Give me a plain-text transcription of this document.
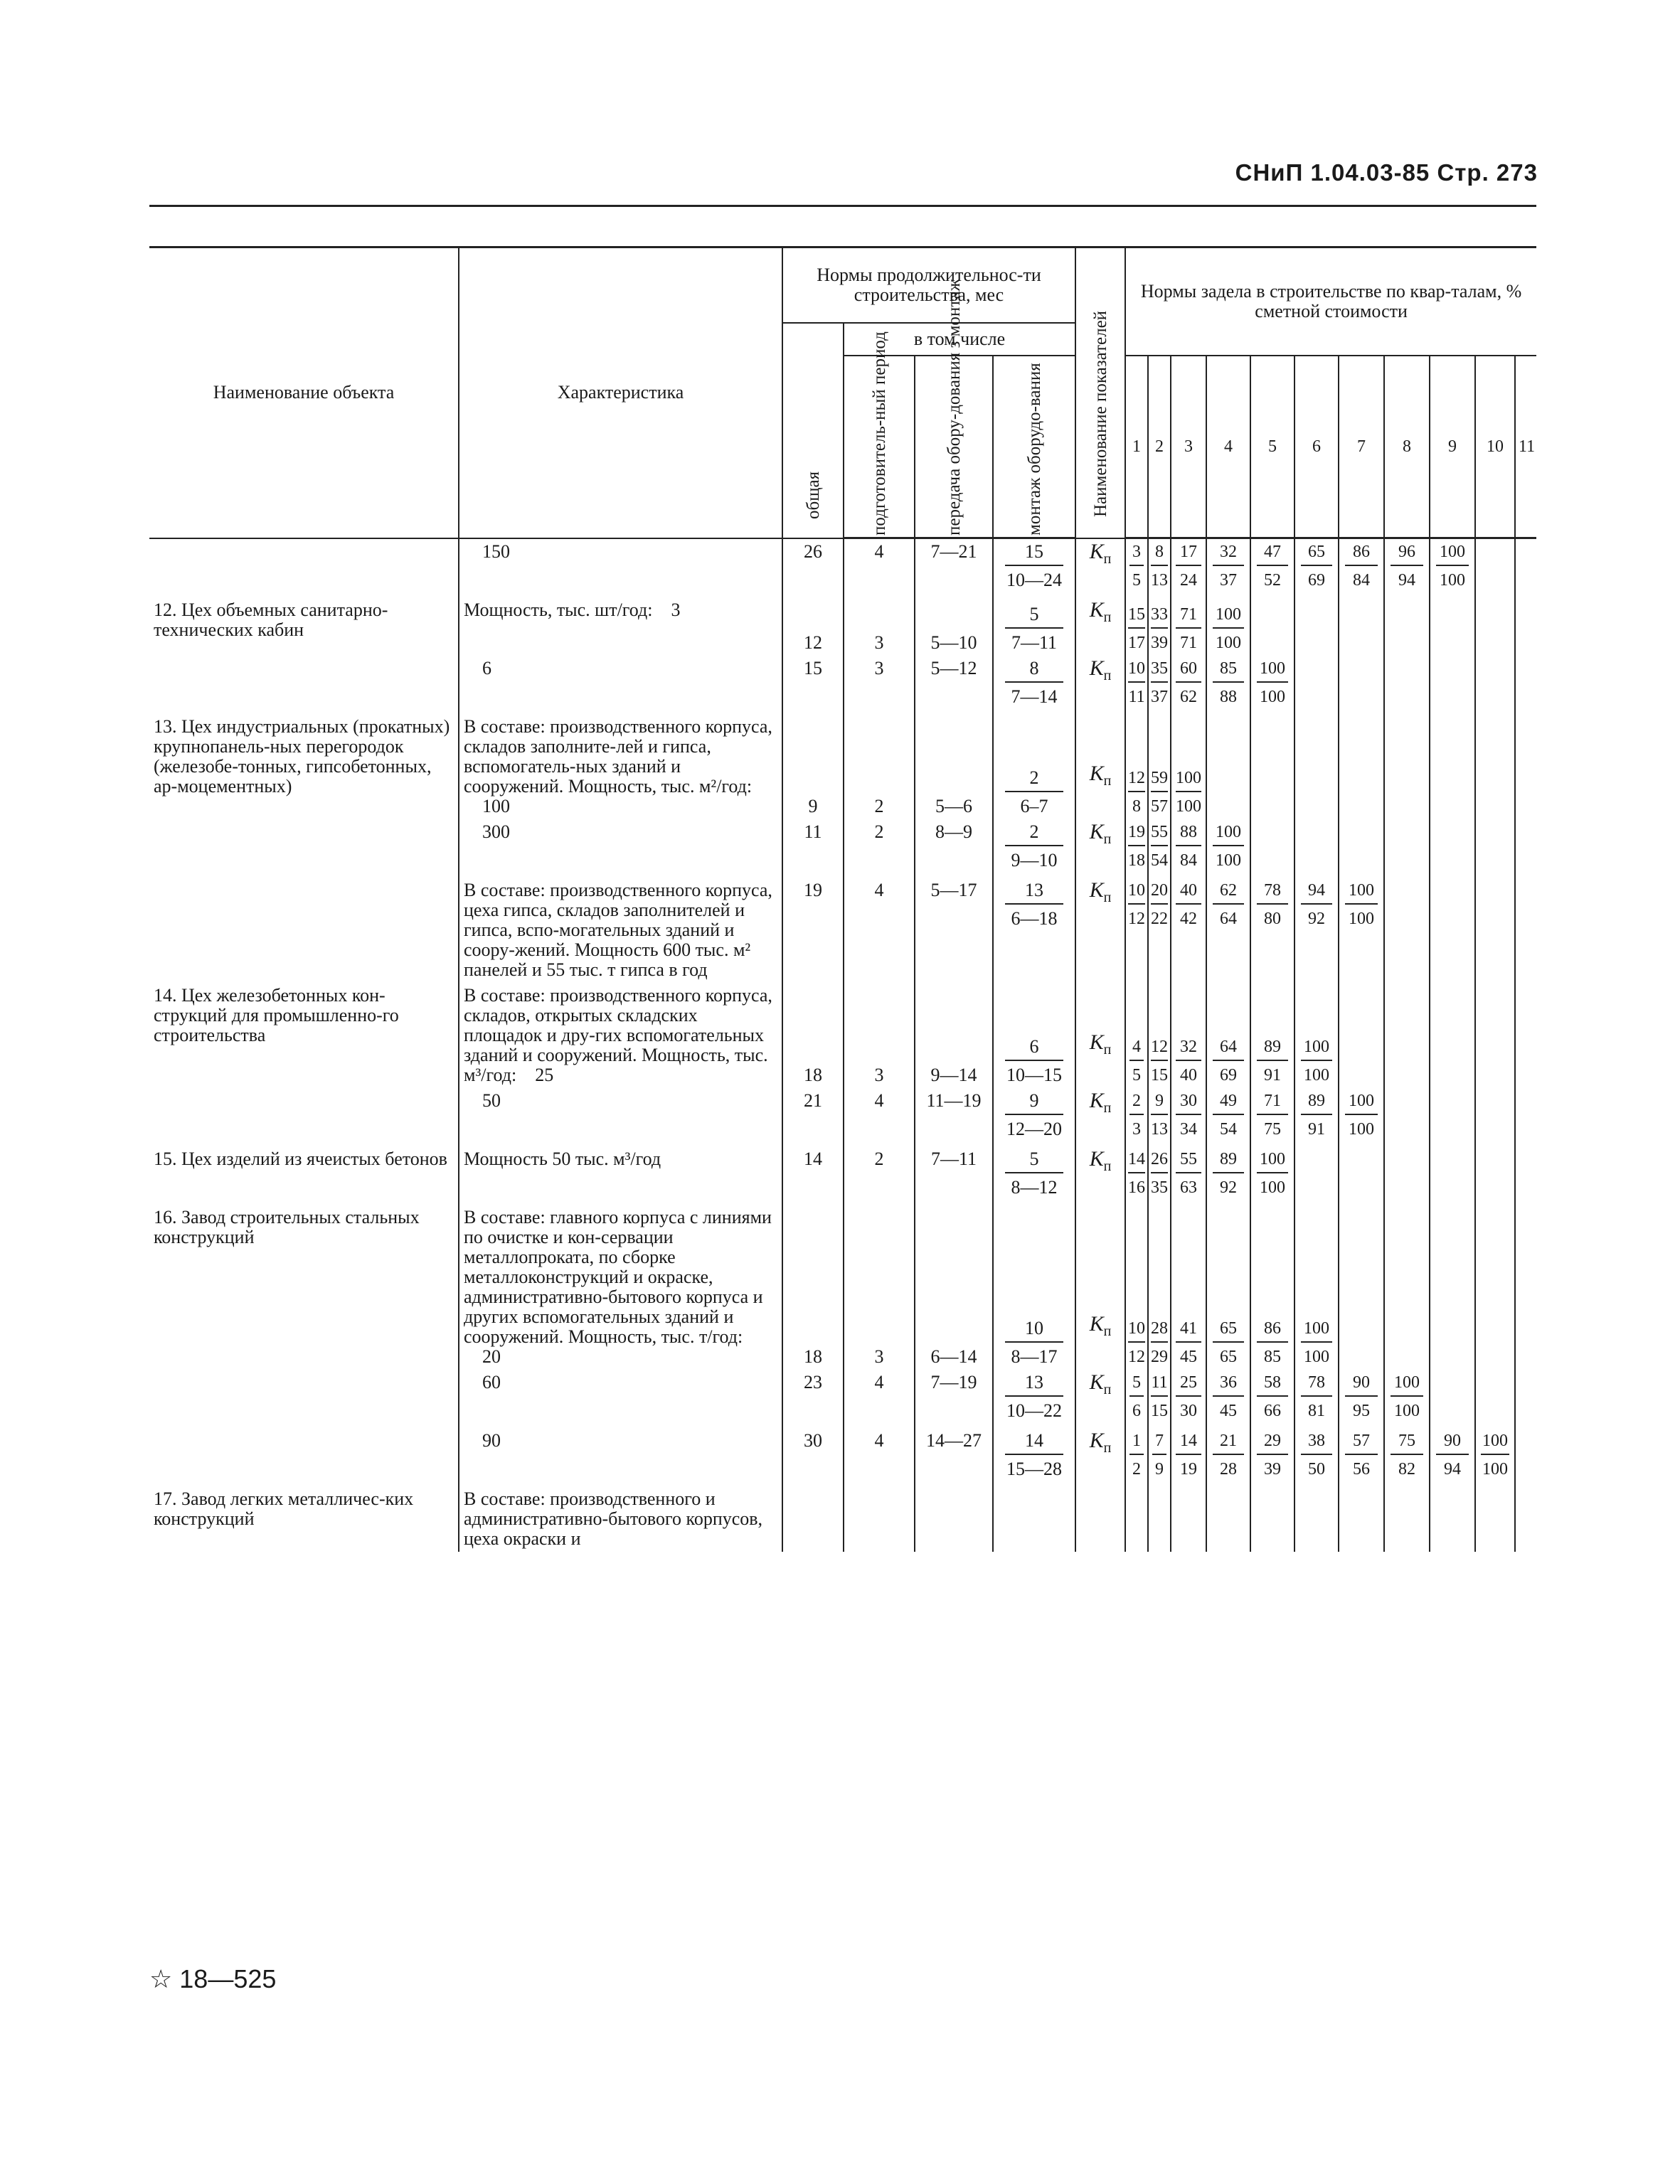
СНиП 1.04.03-85 Стр. 273
Наименование объекта	Характеристика	Нормы продолжительнос-ти строительства, мес				Наименование показателей	Нормы задела в строительстве по квар-талам, % сметной стоимости										

		общая	в том числе														

			подготовитель-ный период	передача обору-дования з монтаж	монтаж оборудо-вания		1	2	3	4	5	6	7	8	9	10	11
	150	26	4	7—21	$\frac{15}{10—24}$	$К_п$	$\frac{3}{5}$	$\frac{8}{13}$	$\frac{17}{24}$	$\frac{32}{37}$	$\frac{47}{52}$	$\frac{65}{69}$	$\frac{86}{84}$	$\frac{96}{94}$	$\frac{100}{100}$

12. Цех объемных санитарно-технических кабин	Мощность, тыс. шт/год: 3	12	3	5—10	$\frac{5}{7—11}$	$К_п$	$\frac{15}{17}$	$\frac{33}{39}$	$\frac{71}{71}$	$\frac{100}{100}$

	6	15	3	5—12	$\frac{8}{7—14}$	$К_п$	$\frac{10}{11}$	$\frac{35}{37}$	$\frac{60}{62}$	$\frac{85}{88}$	$\frac{100}{100}$

13. Цех индустриальных (прокатных) крупнопанель-ных перегородок (железобе-тонных, гипсобетонных, ар-моцементных)	В составе: производственного корпуса, складов заполните-лей и гипса, вспомогатель-ных зданий и сооружений. Мощность, тыс. м²/год:100	9	2	5—6	$\frac{2}{6-7}$	$К_п$	$\frac{12}{8}$	$\frac{59}{57}$	$\frac{100}{100}$

	300	11	2	8—9	$\frac{2}{9—10}$	$К_п$	$\frac{19}{18}$	$\frac{55}{54}$	$\frac{88}{84}$	$\frac{100}{100}$

	В составе: производственного корпуса, цеха гипса, складов заполнителей и гипса, вспо-могательных зданий и соору-жений. Мощность 600 тыс. м² панелей и 55 тыс. т гипса в год	19	4	5—17	$\frac{13}{6—18}$	$К_п$	$\frac{10}{12}$	$\frac{20}{22}$	$\frac{40}{42}$	$\frac{62}{64}$	$\frac{78}{80}$	$\frac{94}{92}$	$\frac{100}{100}$

14. Цех железобетонных кон-струкций для промышленно-го строительства	В составе: производственного корпуса, складов, открытых складских площадок и дру-гих вспомогательных зданий и сооружений. Мощность, тыс. м³/год: 25	18	3	9—14	$\frac{6}{10—15}$	$К_п$	$\frac{4}{5}$	$\frac{12}{15}$	$\frac{32}{40}$	$\frac{64}{69}$	$\frac{89}{91}$	$\frac{100}{100}$

	50	21	4	11—19	$\frac{9}{12—20}$	$К_п$	$\frac{2}{3}$	$\frac{9}{13}$	$\frac{30}{34}$	$\frac{49}{54}$	$\frac{71}{75}$	$\frac{89}{91}$	$\frac{100}{100}$

15. Цех изделий из ячеистых бетонов	Мощность 50 тыс. м³/год	14	2	7—11	$\frac{5}{8—12}$	$К_п$	$\frac{14}{16}$	$\frac{26}{35}$	$\frac{55}{63}$	$\frac{89}{92}$	$\frac{100}{100}$

16. Завод строительных стальных конструкций	В составе: главного корпуса с линиями по очистке и кон-сервации металлопроката, по сборке металлоконструкций и окраске, административно-бытового корпуса и других вспомогательных зданий и сооружений. Мощность, тыс. т/год:20	18	3	6—14	$\frac{10}{8—17}$	$К_п$	$\frac{10}{12}$	$\frac{28}{29}$	$\frac{41}{45}$	$\frac{65}{65}$	$\frac{86}{85}$	$\frac{100}{100}$

	60	23	4	7—19	$\frac{13}{10—22}$	$К_п$	$\frac{5}{6}$	$\frac{11}{15}$	$\frac{25}{30}$	$\frac{36}{45}$	$\frac{58}{66}$	$\frac{78}{81}$	$\frac{90}{95}$	$\frac{100}{100}$

	90	30	4	14—27	$\frac{14}{15—28}$	$К_п$	$\frac{1}{2}$	$\frac{7}{9}$	$\frac{14}{19}$	$\frac{21}{28}$	$\frac{29}{39}$	$\frac{38}{50}$	$\frac{57}{56}$	$\frac{75}{82}$	$\frac{90}{94}$	$\frac{100}{100}$

17. Завод легких металличес-ких конструкций	В составе: производственного и административно-бытового корпусов, цеха окраски и																
☆ 18—525
